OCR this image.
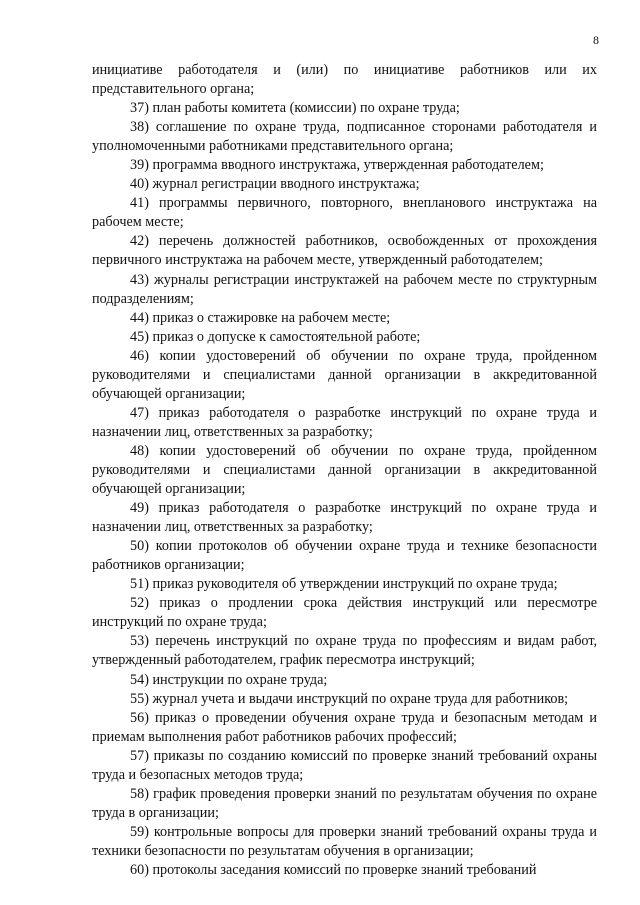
8

инициативе работодателя и (или) по инициативе работников или их представительного органа;

37) план работы комитета (комиссии) по охране труда;

38) соглашение по охране труда, подписанное сторонами работодателя и уполномоченными работниками представительного органа;

39) программа вводного инструктажа, утвержденная работодателем;

40) журнал регистрации вводного инструктажа;

41) программы первичного, повторного, внепланового инструктажа на рабочем месте;

42) перечень должностей работников, освобожденных от прохождения первичного инструктажа на рабочем месте, утвержденный работодателем;

43) журналы регистрации инструктажей на рабочем месте по структурным подразделениям;

44) приказ о стажировке на рабочем месте;

45) приказ о допуске к самостоятельной работе;

46) копии удостоверений об обучении по охране труда, пройденном руководителями и специалистами данной организации в аккредитованной обучающей организации;

47) приказ работодателя о разработке инструкций по охране труда и назначении лиц, ответственных за разработку;

48) копии удостоверений об обучении по охране труда, пройденном руководителями и специалистами данной организации в аккредитованной обучающей организации;

49) приказ работодателя о разработке инструкций по охране труда и назначении лиц, ответственных за разработку;

50) копии протоколов об обучении охране труда и технике безопасности работников организации;

51) приказ руководителя об утверждении инструкций по охране труда;

52) приказ о продлении срока действия инструкций или пересмотре инструкций по охране труда;

53) перечень инструкций по охране труда по профессиям и видам работ, утвержденный работодателем, график пересмотра инструкций;

54) инструкции по охране труда;

55) журнал учета и выдачи инструкций по охране труда для работников;

56) приказ о проведении обучения охране труда и безопасным методам и приемам выполнения работ работников рабочих профессий;

57) приказы по созданию комиссий по проверке знаний требований охраны труда и безопасных методов труда;

58) график проведения проверки знаний по результатам обучения по охране труда в организации;

59) контрольные вопросы для проверки знаний требований охраны труда и техники безопасности по результатам обучения в организации;

60) протоколы заседания комиссий по проверке знаний требований
